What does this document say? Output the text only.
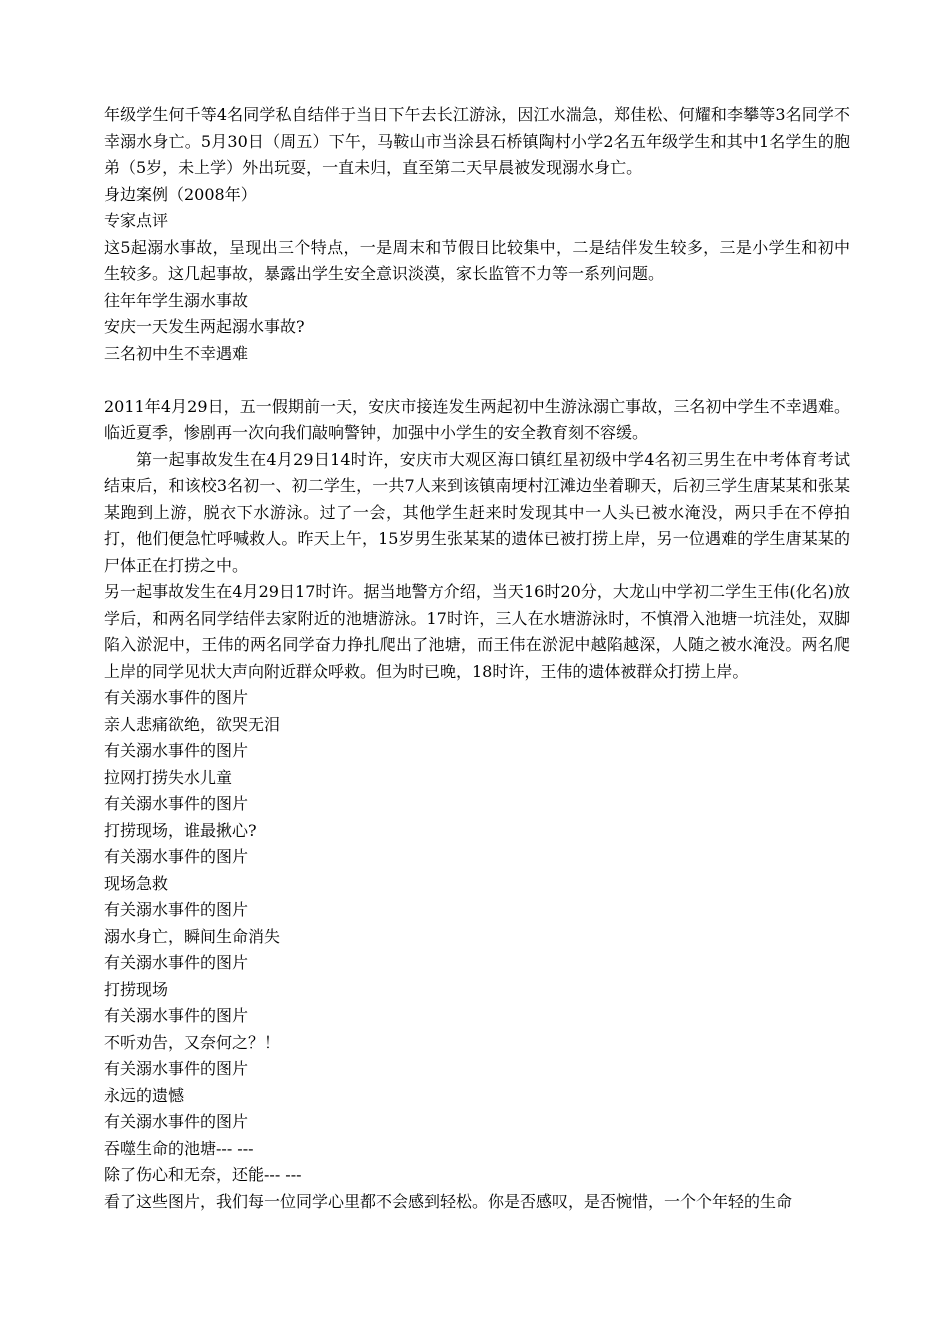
年级学生何千等4名同学私自结伴于当日下午去长江游泳，因江水湍急，郑佳松、何耀和李攀等3名同学不幸溺水身亡。5月30日（周五）下午，马鞍山市当涂县石桥镇陶村小学2名五年级学生和其中1名学生的胞弟（5岁，未上学）外出玩耍，一直未归，直至第二天早晨被发现溺水身亡。

身边案例（2008年）

专家点评

这5起溺水事故，呈现出三个特点，一是周末和节假日比较集中，二是结伴发生较多，三是小学生和初中生较多。这几起事故，暴露出学生安全意识淡漠，家长监管不力等一系列问题。

往年年学生溺水事故

安庆一天发生两起溺水事故?

三名初中生不幸遇难

2011年4月29日，五一假期前一天，安庆市接连发生两起初中生游泳溺亡事故，三名初中学生不幸遇难。临近夏季，惨剧再一次向我们敲响警钟，加强中小学生的安全教育刻不容缓。

第一起事故发生在4月29日14时许，安庆市大观区海口镇红星初级中学4名初三男生在中考体育考试结束后，和该校3名初一、初二学生，一共7人来到该镇南埂村江滩边坐着聊天，后初三学生唐某某和张某某跑到上游，脱衣下水游泳。过了一会，其他学生赶来时发现其中一人头已被水淹没，两只手在不停拍打，他们便急忙呼喊救人。昨天上午，15岁男生张某某的遗体已被打捞上岸，另一位遇难的学生唐某某的尸体正在打捞之中。

另一起事故发生在4月29日17时许。据当地警方介绍，当天16时20分，大龙山中学初二学生王伟(化名)放学后，和两名同学结伴去家附近的池塘游泳。17时许，三人在水塘游泳时，不慎滑入池塘一坑洼处，双脚陷入淤泥中，王伟的两名同学奋力挣扎爬出了池塘，而王伟在淤泥中越陷越深，人随之被水淹没。两名爬上岸的同学见状大声向附近群众呼救。但为时已晚，18时许，王伟的遗体被群众打捞上岸。

有关溺水事件的图片

亲人悲痛欲绝，欲哭无泪

有关溺水事件的图片

拉网打捞失水儿童

有关溺水事件的图片

打捞现场，谁最揪心?

有关溺水事件的图片

现场急救

有关溺水事件的图片

溺水身亡，瞬间生命消失

有关溺水事件的图片

打捞现场

有关溺水事件的图片

不听劝告，又奈何之？！

有关溺水事件的图片

永远的遗憾

有关溺水事件的图片

吞噬生命的池塘--- ---

除了伤心和无奈，还能--- ---

看了这些图片，我们每一位同学心里都不会感到轻松。你是否感叹，是否惋惜，一个个年轻的生命
